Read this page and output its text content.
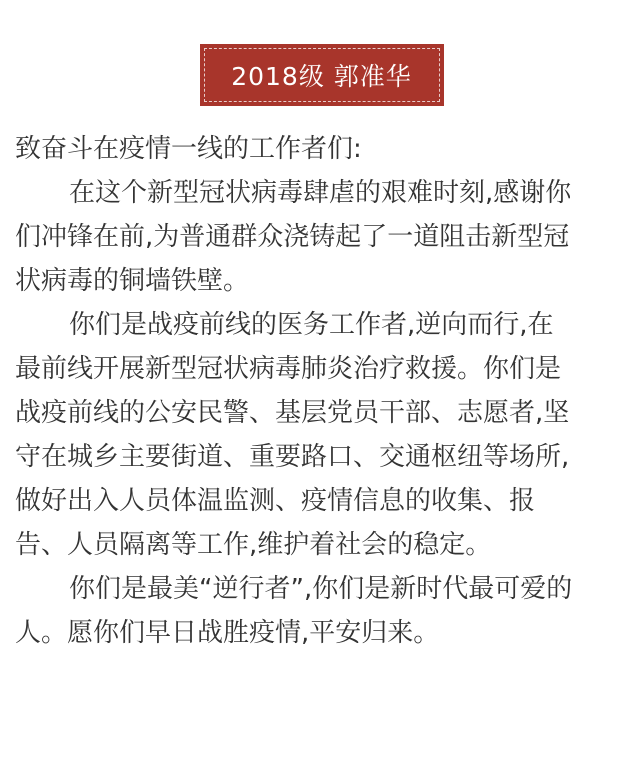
2018级 郭准华

致奋斗在疫情一线的工作者们:

在这个新型冠状病毒肆虐的艰难时刻,感谢你
们冲锋在前,为普通群众浇铸起了一道阻击新型冠
状病毒的铜墙铁壁。

你们是战疫前线的医务工作者,逆向而行,在
最前线开展新型冠状病毒肺炎治疗救援。你们是
战疫前线的公安民警、基层党员干部、志愿者,坚
守在城乡主要街道、重要路口、交通枢纽等场所,
做好出入人员体温监测、疫情信息的收集、报
告、人员隔离等工作,维护着社会的稳定。

你们是最美“逆行者”,你们是新时代最可爱的
人。愿你们早日战胜疫情,平安归来。
